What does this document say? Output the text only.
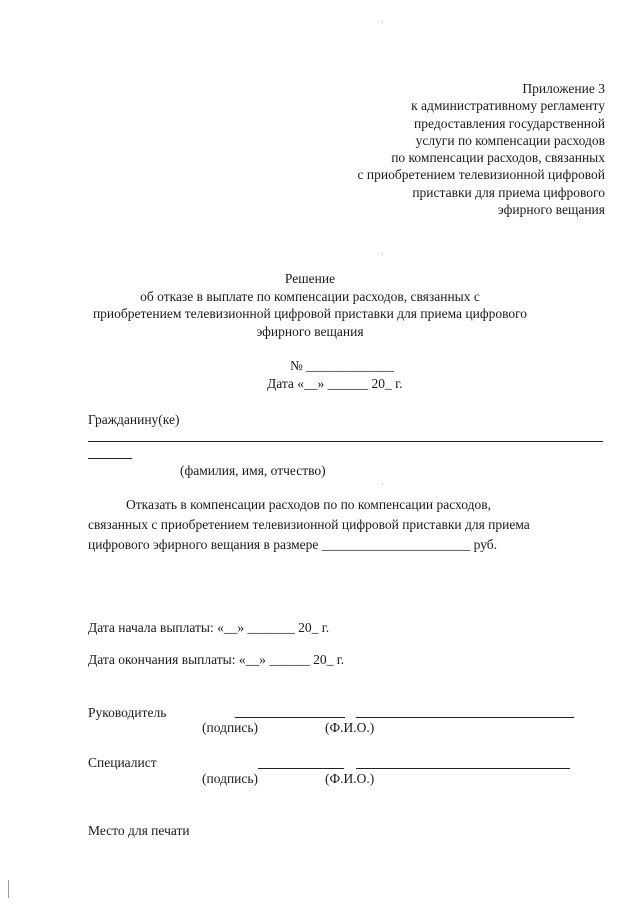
Приложение 3
к административному регламенту
предоставления государственной
услуги по компенсации расходов
по компенсации расходов, связанных
с приобретением телевизионной цифровой
приставки для приема цифрового
эфирного вещания
Решение
об отказе в выплате по компенсации расходов, связанных с
приобретением телевизионной цифровой приставки для приема цифрового
эфирного вещания
№ _____________
Дата «__» ______ 20_ г.
Гражданину(ке)
(фамилия, имя, отчество)
Отказать в компенсации расходов по по компенсации расходов,
связанных с приобретением телевизионной цифровой приставки для приема
цифрового эфирного вещания в размере ______________________ руб.
Дата начала выплаты: «__» _______ 20_ г.
Дата окончания выплаты: «__» ______ 20_ г.
Руководитель
(подпись)	(Ф.И.О.)
Специалист
(подпись)	(Ф.И.О.)
Место для печати
·
·
·
